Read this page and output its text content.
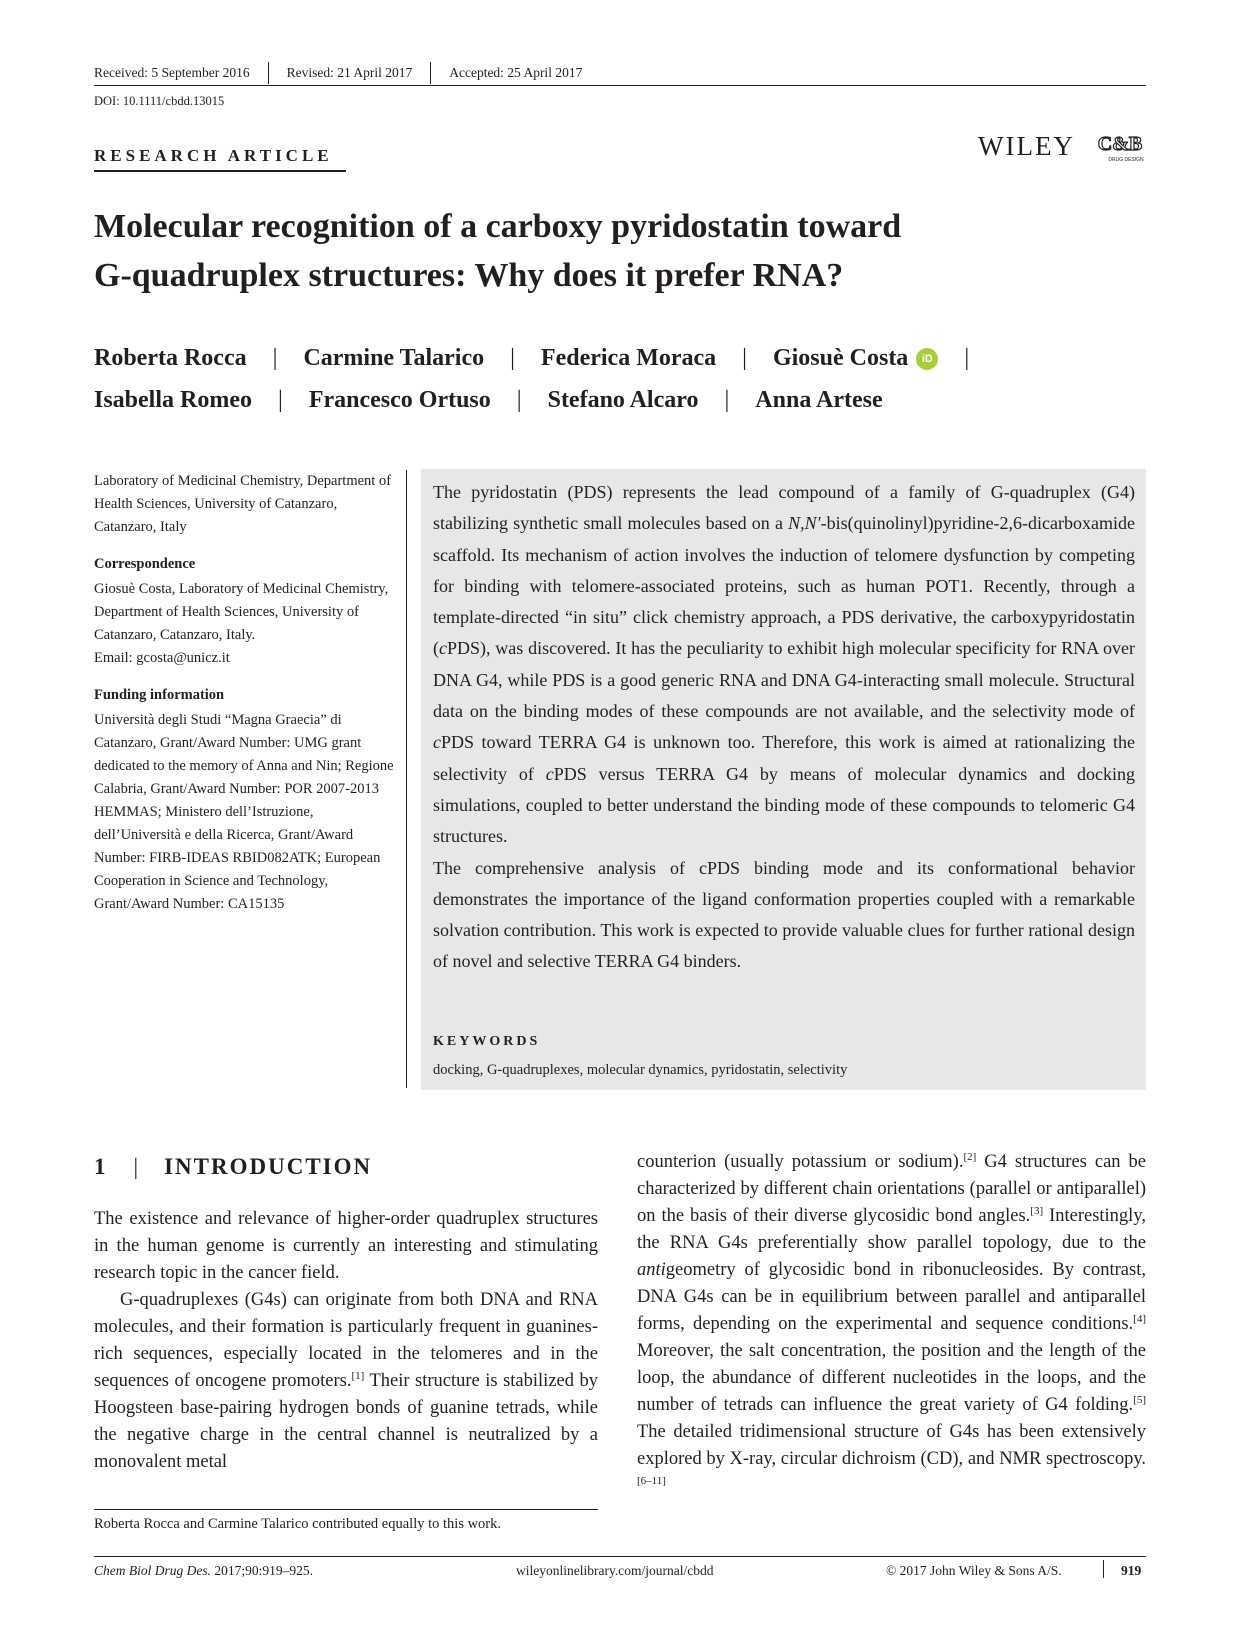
Received: 5 September 2016	Revised: 21 April 2017	Accepted: 25 April 2017
DOI: 10.1111/cbdd.13015
RESEARCH ARTICLE	WILEY C&B
DRUG DESIGN
Molecular recognition of a carboxy pyridostatin toward
G-quadruplex structures: Why does it prefer RNA?
Roberta Rocca | Carmine Talarico | Federica Moraca | Giosuè Costa	iD |
Isabella Romeo | Francesco Ortuso | Stefano Alcaro | Anna Artese

Laboratory of Medicinal Chemistry, Department of Health Sciences, University of Catanzaro, Catanzaro, Italy

Correspondence

Giosuè Costa, Laboratory of Medicinal Chemistry, Department of Health Sciences, University of Catanzaro, Catanzaro, Italy.

Email: gcosta@unicz.it

Funding information

Università degli Studi “Magna Graecia” di Catanzaro, Grant/Award Number: UMG grant dedicated to the memory of Anna and Nin; Regione Calabria, Grant/Award Number: POR 2007-2013 HEMMAS; Ministero dell’Istruzione, dell’Università e della Ricerca, Grant/Award Number: FIRB-IDEAS RBID082ATK; European Cooperation in Science and Technology, Grant/Award Number: CA15135

The pyridostatin (PDS) represents the lead compound of a family of G-quadruplex (G4) stabilizing synthetic small molecules based on a N,N′-bis(quinolinyl)pyridine-2,6-dicarboxamide scaffold. Its mechanism of action involves the induction of telomere dysfunction by competing for binding with telomere-associated proteins, such as human POT1. Recently, through a template-directed “in situ” click chemistry approach, a PDS derivative, the carboxypyridostatin (cPDS), was discovered. It has the peculiarity to exhibit high molecular specificity for RNA over DNA G4, while PDS is a good generic RNA and DNA G4-interacting small molecule. Structural data on the binding modes of these compounds are not available, and the selectivity mode of cPDS toward TERRA G4 is unknown too. Therefore, this work is aimed at rationalizing the selectivity of cPDS versus TERRA G4 by means of molecular dynamics and docking simulations, coupled to better understand the binding mode of these compounds to telomeric G4 structures.

The comprehensive analysis of cPDS binding mode and its conformational behavior demonstrates the importance of the ligand conformation properties coupled with a remarkable solvation contribution. This work is expected to provide valuable clues for further rational design of novel and selective TERRA G4 binders.

KEYWORDS
docking, G-quadruplexes, molecular dynamics, pyridostatin, selectivity
1 | INTRODUCTION

The existence and relevance of higher-order quadruplex structures in the human genome is currently an interesting and stimulating research topic in the cancer field.

G-quadruplexes (G4s) can originate from both DNA and RNA molecules, and their formation is particularly frequent in guanines-rich sequences, especially located in the telomeres and in the sequences of oncogene promoters.[1] Their structure is stabilized by Hoogsteen base-pairing hydrogen bonds of guanine tetrads, while the negative charge in the central channel is neutralized by a monovalent metal

counterion (usually potassium or sodium).[2] G4 structures can be characterized by different chain orientations (parallel or antiparallel) on the basis of their diverse glycosidic bond angles.[3] Interestingly, the RNA G4s preferentially show parallel topology, due to the antigeometry of glycosidic bond in ribonucleosides. By contrast, DNA G4s can be in equilibrium between parallel and antiparallel forms, depending on the experimental and sequence conditions.[4] Moreover, the salt concentration, the position and the length of the loop, the abundance of different nucleotides in the loops, and the number of tetrads can influence the great variety of G4 folding.[5] The detailed tridimensional structure of G4s has been extensively explored by X-ray, circular dichroism (CD), and NMR spectroscopy.[6–11]

Roberta Rocca and Carmine Talarico contributed equally to this work.
Chem Biol Drug Des. 2017;90:919–925.	wileyonlinelibrary.com/journal/cbdd	© 2017 John Wiley & Sons A/S.	919
